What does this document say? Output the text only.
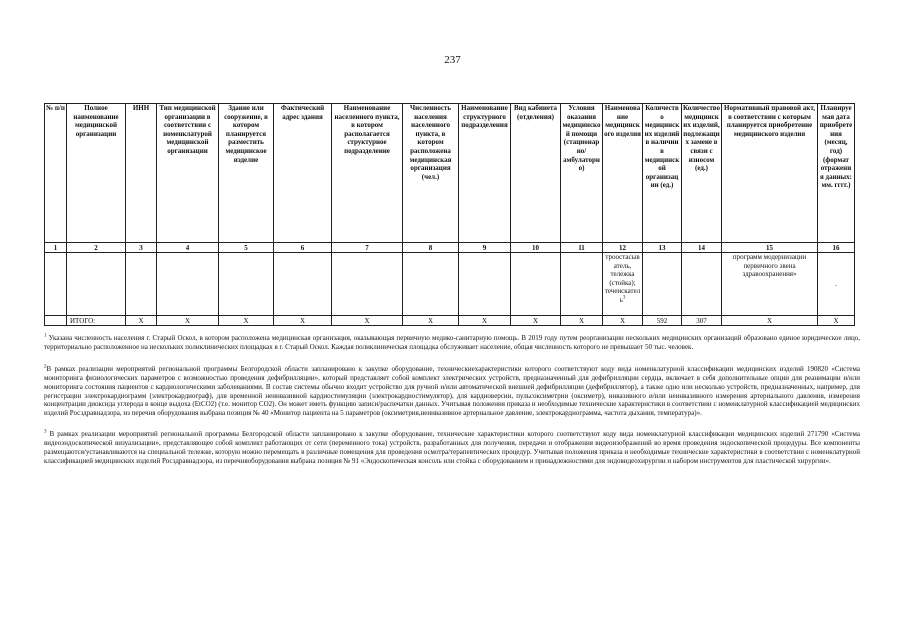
237
№ п/п	Полное наименование медицинской организации	ИНН	Тип медицинской организации в соответствии с номенклатурой медицинской организации	Здание или сооружение, в котором планируется разместить медицинское изделие	Фактический адрес здания	Наименование населенного пункта, в котором располагается структурное подразделение	Численность населения населенного пункта, в котором расположена медицинская организация (чел.)	Наименование структурного подразделения	Вид кабинета (отделения)	Условия оказания медицинской помощи (стационарно/амбулаторно)	Наименование медицинского изделия	Количество медицинских изделий в наличии в медицинской организации (ед.)	Количество медицинских изделий, подлежащих замене в связи с износом (ед.)	Нормативный правовой акт, в соответствии с которым планируется приобретение медицинского изделия	Планируемая дата приобретения (месяц, год) (формат отражения данных: мм. гггг.)
1	2	3	4	5	6	7	8	9	10	11	12	13	14	15	16
											троостасыватель, тележка (стойка); течеискатель$^3$			программ модернизации первичного звена здравоохранения»	.
	ИТОГО:	Х	Х	Х	Х	Х	Х	Х	Х	Х	Х	592	307	Х	Х

$^1$ Указана численность населения г. Старый Оскол, в котором расположена медицинская организация, оказывающая первичную медико-санитарную помощь. В 2019 году путем реорганизации нескольких медицинских организаций образовано единое юридическое лицо, территориально расположенное на нескольких поликлинических площадках в г. Старый Оскол. Каждая поликлиническая площадка обслуживает население, общая численность которого не превышает 50 тыс. человек.

$^2$В рамках реализации мероприятий региональной программы Белгородской области запланировано к закупке оборудование, техническиехарактеристики которого соответствуют коду вида номенклатурной классификации медицинских изделий 190820 «Система мониторинга физиологических параметров с возможностью проведения дефибрилляции», который представляет собой комплект электрических устройств, предназначенный для дефибрилляции сердца, включает в себя дополнительные опции для реанимации и/или мониторинга состояния пациентов с кардиологическими заболеваниями. В состав системы обычно входит устройство для ручной и/или автоматической внешней дефибрилляции (дефибриллятор), а также одно или несколько устройств, предназначенных, например, для регистрации электрокардиограмм (электрокардиограф), для временной неинвазивной кардиостимуляции (электрокардиостимулятор), для кардиоверсии, пульсоксиметрии (оксиметр), инвазивного и/или неинвазивного измерения артериального давления, измерения концентрации диоксида углерода в конце выдоха (EtCO2) (т.е. монитор CO2). Он может иметь функцию записи/распечатки данных. Учитывая положения приказа и необходимые технические характеристики в соответствии с номенклатурной классификацией медицинских изделий Росздравнадзора, из перечня оборудования выбрана позиция № 40 «Монитор пациента на 5 параметров (оксиметрия,неинвазивное артериальное давление, электрокардиограмма, частота дыхания, температура)».

$^3$ В рамках реализации мероприятий региональной программы Белгородской области запланировано к закупке оборудование, технические характеристики которого соответствуют коду вида номенклатурной классификации медицинских изделий 271790 «Система видеоэндоскопической визуализации», представляющее собой комплект работающих от сети (переменного тока) устройств, разработанных для получения, передачи и отображения видеоизображений во время проведения эндоскопической процедуры. Все компоненты размещаются/устанавливаются на специальной тележке, которую можно перемещать в различные помещения для проведения осмотра/терапевтических процедур. Учитывая положения приказа и необходимые технические характеристики в соответствии с номенклатурной классификацией медицинских изделий Росздравнадзора, из перечняоборудования выбрана позиция № 91 «Эндоскопическая консоль или стойка с оборудованием и принадлежностями для эндовидеохирургии и набором инструментов для пластической хирургии».
